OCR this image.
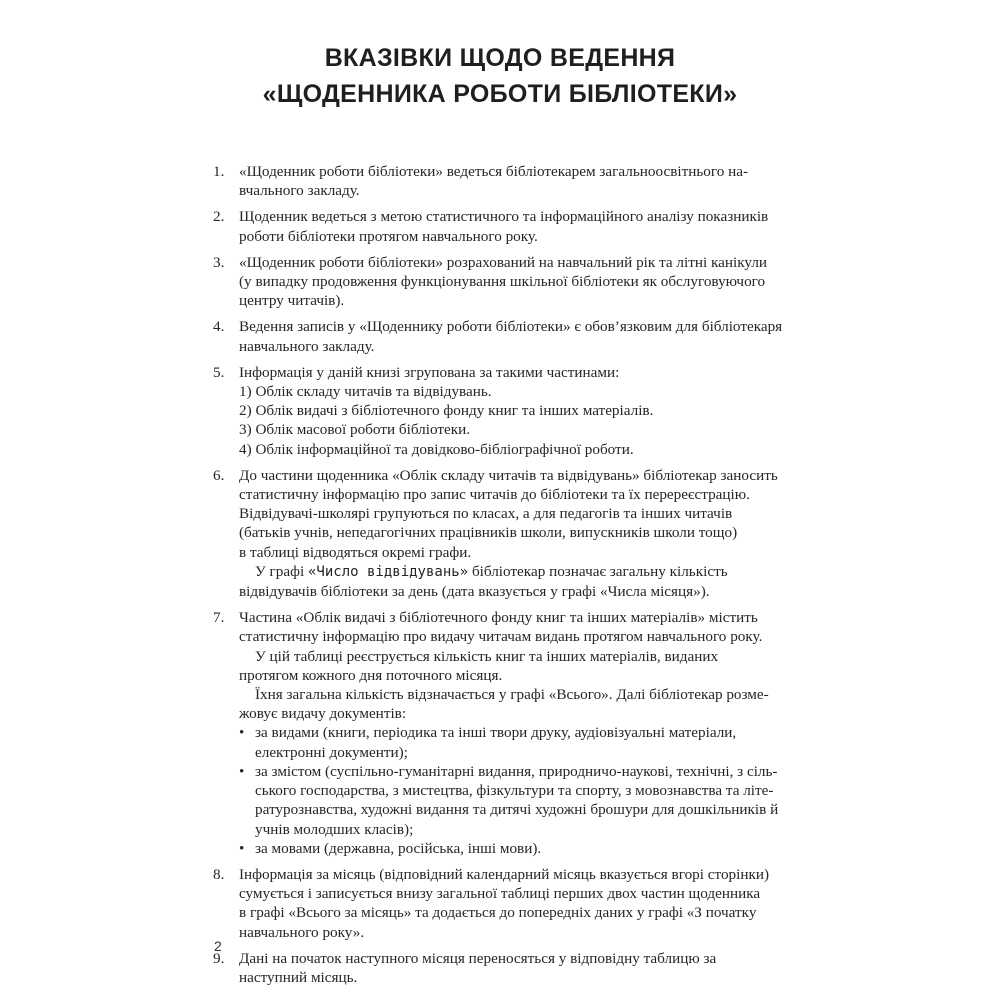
ВКАЗІВКИ ЩОДО ВЕДЕННЯ
«ЩОДЕННИКА РОБОТИ БІБЛІОТЕКИ»
1. «Щоденник роботи бібліотеки» ведеться бібліотекарем загальноосвітнього на-
вчального закладу.
2. Щоденник ведеться з метою статистичного та інформаційного аналізу показників
роботи бібліотеки протягом навчального року.
3. «Щоденник роботи бібліотеки» розрахований на навчальний рік та літні канікули
(у випадку продовження функціонування шкільної бібліотеки як обслуговуючого
центру читачів).
4. Ведення записів у «Щоденнику роботи бібліотеки» є обов’язковим для бібліотекаря
навчального закладу.
5. Інформація у даній книзі згрупована за такими частинами:
1) Облік складу читачів та відвідувань.
2) Облік видачі з бібліотечного фонду книг та інших матеріалів.
3) Облік масової роботи бібліотеки.
4) Облік інформаційної та довідково-бібліографічної роботи.
6. До частини щоденника «Облік складу читачів та відвідувань» бібліотекар заносить
статистичну інформацію про запис читачів до бібліотеки та їх перереєстрацію.
Відвідувачі-школярі групуються по класах, а для педагогів та інших читачів
(батьків учнів, непедагогічних працівників школи, випускників школи тощо)
в таблиці відводяться окремі графи.
У графі «Число відвідувань» бібліотекар позначає загальну кількість
відвідувачів бібліотеки за день (дата вказується у графі «Числа місяця»).
7. Частина «Облік видачі з бібліотечного фонду книг та інших матеріалів» містить
статистичну інформацію про видачу читачам видань протягом навчального року.
У цій таблиці реєструється кількість книг та інших матеріалів, виданих
протягом кожного дня поточного місяця.
Їхня загальна кількість відзначається у графі «Всього». Далі бібліотекар розме-
жовує видачу документів:
• за видами (книги, періодика та інші твори друку, аудіовізуальні матеріали,
електронні документи);
• за змістом (суспільно-гуманітарні видання, природничо-наукові, технічні, з сіль-
ського господарства, з мистецтва, фізкультури та спорту, з мовознавства та літе-
ратурознавства, художні видання та дитячі художні брошури для дошкільників й
учнів молодших класів);
• за мовами (державна, російська, інші мови).
8. Інформація за місяць (відповідний календарний місяць вказується вгорі сторінки)
сумується і записується внизу загальної таблиці перших двох частин щоденника
в графі «Всього за місяць» та додається до попередніх даних у графі «З початку
навчального року».
9. Дані на початок наступного місяця переносяться у відповідну таблицю за
наступний місяць.
2
